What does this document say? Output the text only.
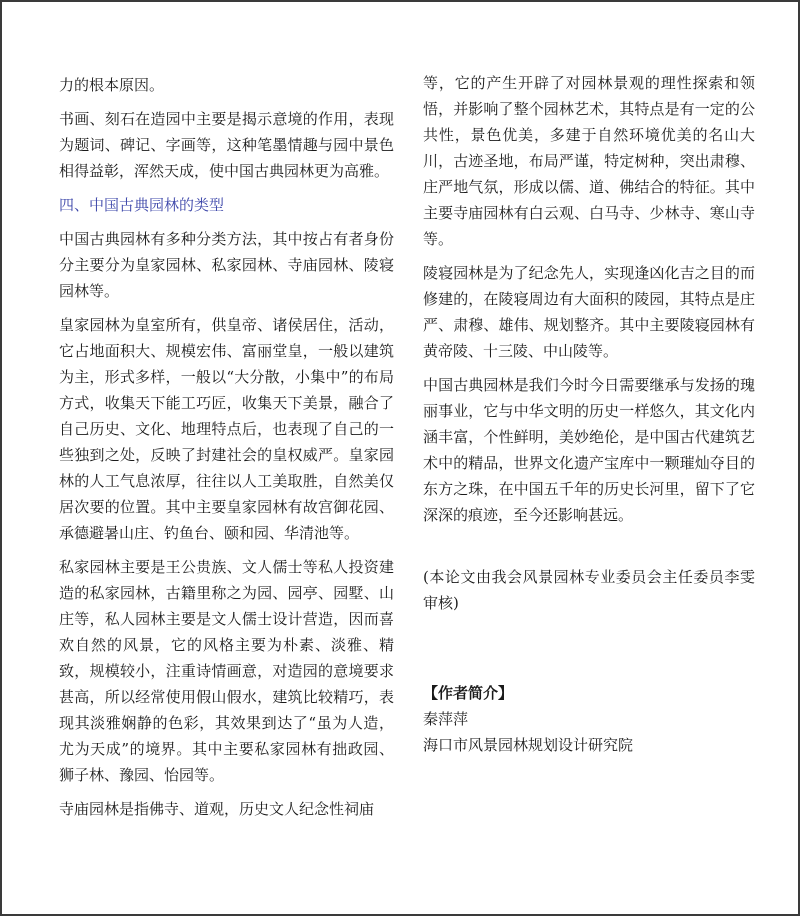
力的根本原因。

书画、刻石在造园中主要是揭示意境的作用，表现为题词、碑记、字画等，这种笔墨情趣与园中景色相得益彰，浑然天成，使中国古典园林更为高雅。

四、中国古典园林的类型

中国古典园林有多种分类方法，其中按占有者身份分主要分为皇家园林、私家园林、寺庙园林、陵寝园林等。

皇家园林为皇室所有，供皇帝、诸侯居住，活动，它占地面积大、规模宏伟、富丽堂皇，一般以建筑为主，形式多样，一般以“大分散，小集中”的布局方式，收集天下能工巧匠，收集天下美景，融合了自己历史、文化、地理特点后，也表现了自己的一些独到之处，反映了封建社会的皇权威严。皇家园林的人工气息浓厚，往往以人工美取胜，自然美仅居次要的位置。其中主要皇家园林有故宫御花园、承德避暑山庄、钓鱼台、颐和园、华清池等。

私家园林主要是王公贵族、文人儒士等私人投资建造的私家园林，古籍里称之为园、园亭、园墅、山庄等，私人园林主要是文人儒士设计营造，因而喜欢自然的风景，它的风格主要为朴素、淡雅、精致，规模较小，注重诗情画意，对造园的意境要求甚高，所以经常使用假山假水，建筑比较精巧，表现其淡雅娴静的色彩，其效果到达了“虽为人造，尤为天成”的境界。其中主要私家园林有拙政园、狮子林、豫园、怡园等。

寺庙园林是指佛寺、道观，历史文人纪念性祠庙

等，它的产生开辟了对园林景观的理性探索和领悟，并影响了整个园林艺术，其特点是有一定的公共性，景色优美，多建于自然环境优美的名山大川，古迹圣地，布局严谨，特定树种，突出肃穆、庄严地气氛，形成以儒、道、佛结合的特征。其中主要寺庙园林有白云观、白马寺、少林寺、寒山寺等。

陵寝园林是为了纪念先人，实现逢凶化吉之目的而修建的，在陵寝周边有大面积的陵园，其特点是庄严、肃穆、雄伟、规划整齐。其中主要陵寝园林有黄帝陵、十三陵、中山陵等。

中国古典园林是我们今时今日需要继承与发扬的瑰丽事业，它与中华文明的历史一样悠久，其文化内涵丰富，个性鲜明，美妙绝伦，是中国古代建筑艺术中的精品，世界文化遗产宝库中一颗璀灿夺目的东方之珠，在中国五千年的历史长河里，留下了它深深的痕迹，至今还影响甚远。

(本论文由我会风景园林专业委员会主任委员李雯审核)

【作者简介】

秦萍萍

海口市风景园林规划设计研究院
